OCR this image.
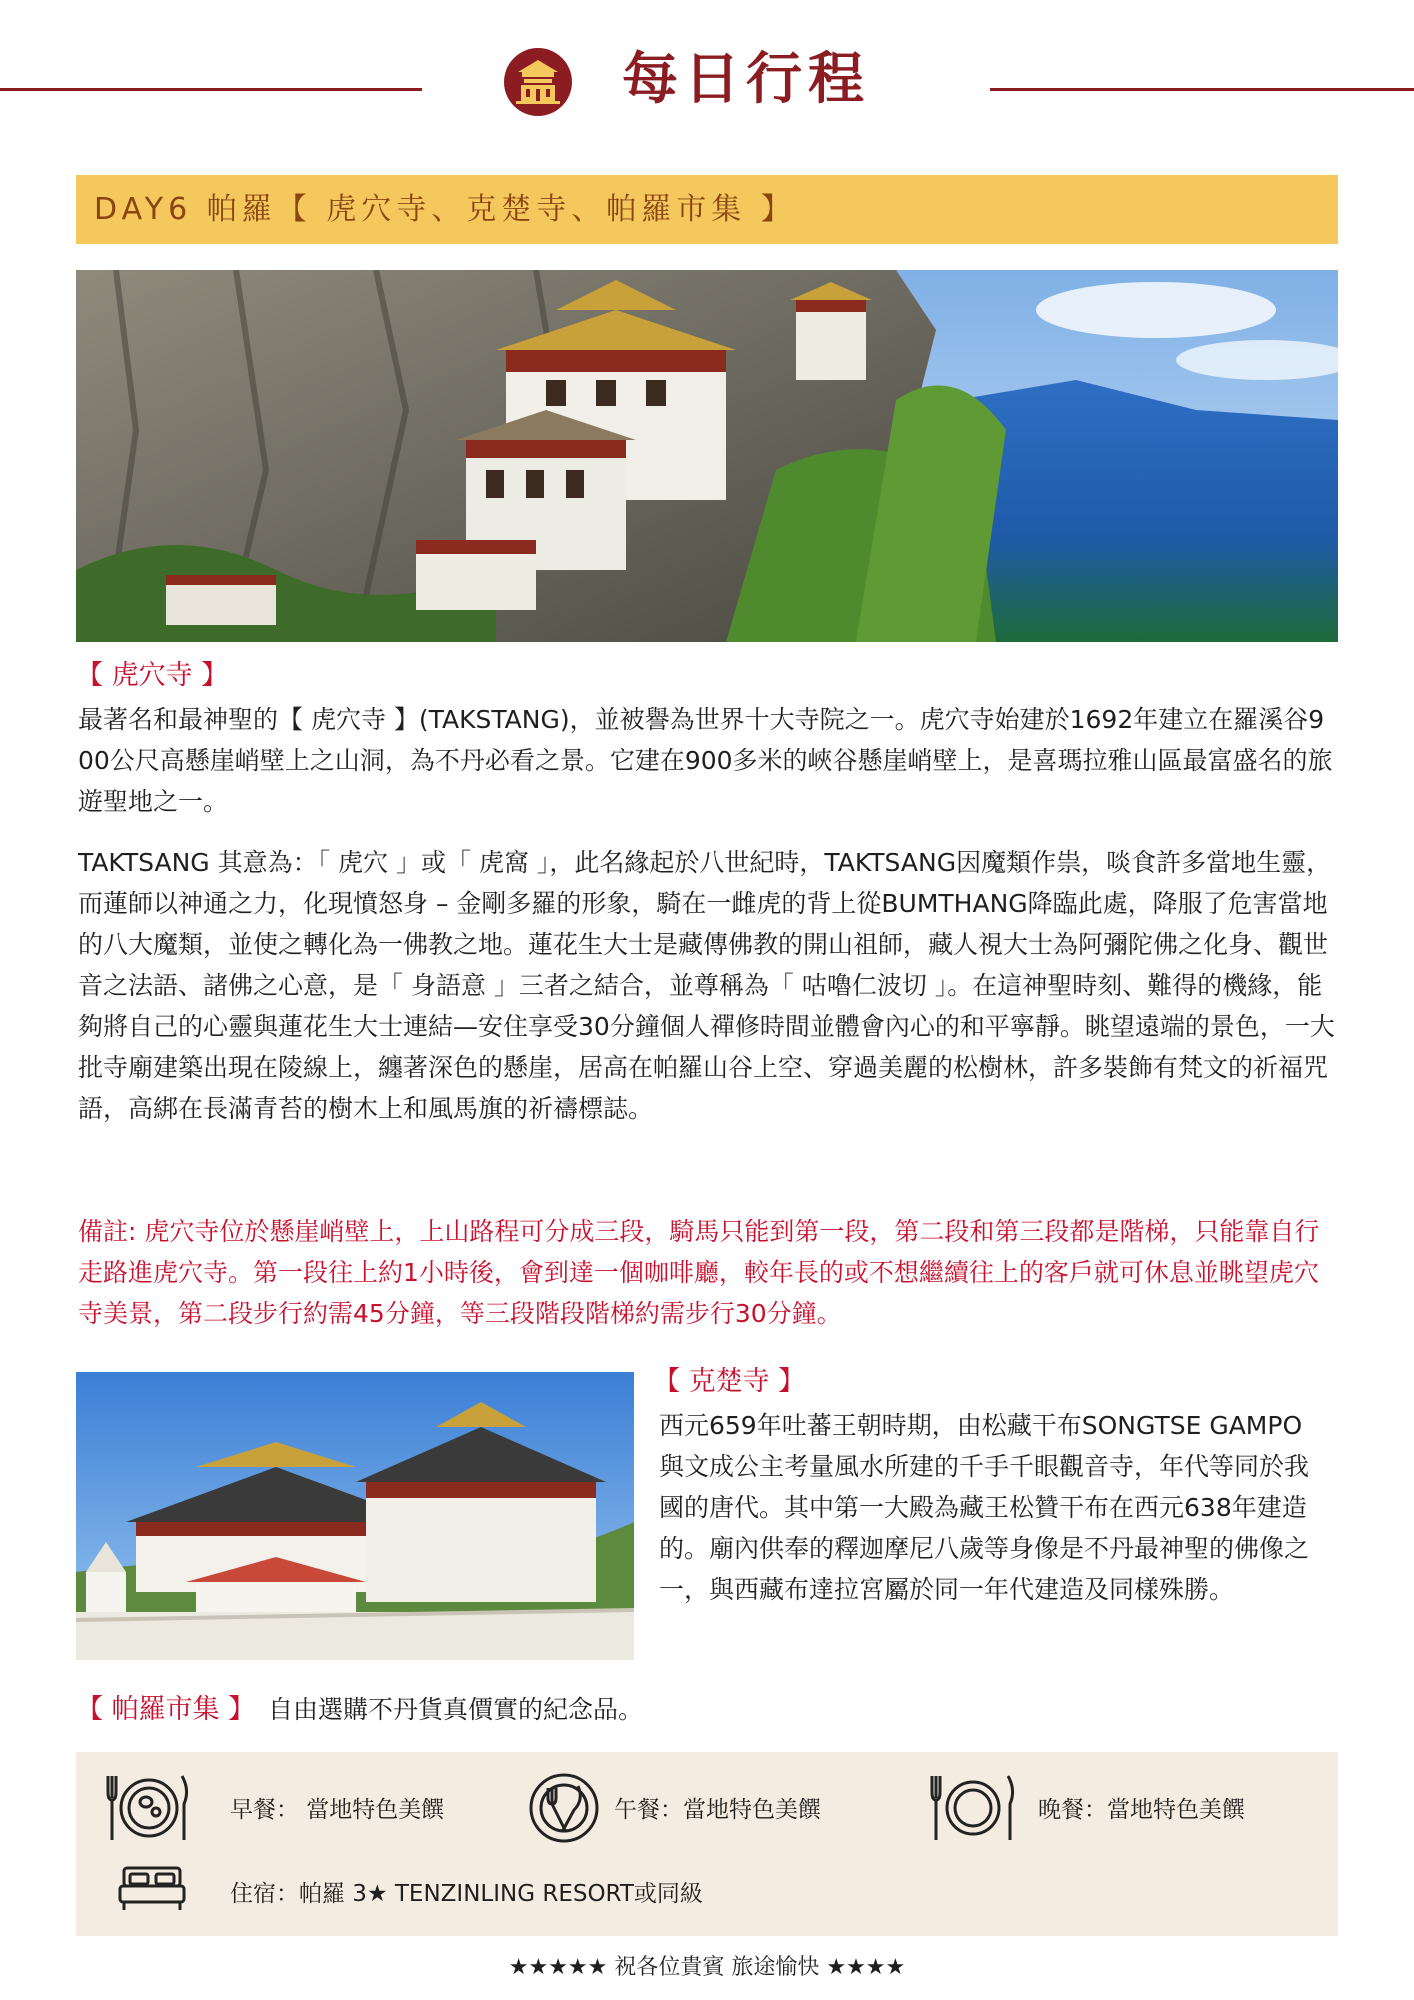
每日行程
DAY6 帕羅【 虎穴寺、克楚寺、帕羅市集 】
【 虎穴寺 】

最著名和最神聖的【 虎穴寺 】(TAKSTANG)，並被譽為世界十大寺院之一。虎穴寺始建於1692年建立在羅溪谷900公尺高懸崖峭壁上之山洞，為不丹必看之景。它建在900多米的峽谷懸崖峭壁上，是喜瑪拉雅山區最富盛名的旅遊聖地之一。

TAKTSANG 其意為：「 虎穴 」或「 虎窩 」，此名緣起於八世紀時，TAKTSANG因魔類作祟，啖食許多當地生靈，而蓮師以神通之力，化現憤怒身 – 金剛多羅的形象，騎在一雌虎的背上從BUMTHANG降臨此處，降服了危害當地的八大魔類，並使之轉化為一佛教之地。蓮花生大士是藏傳佛教的開山祖師，藏人視大士為阿彌陀佛之化身、觀世音之法語、諸佛之心意，是「 身語意 」三者之結合，並尊稱為「 咕嚕仁波切 」。在這神聖時刻、難得的機緣，能夠將自己的心靈與蓮花生大士連結—安住享受30分鐘個人禪修時間並體會內心的和平寧靜。眺望遠端的景色，一大批寺廟建築出現在陵線上，纏著深色的懸崖，居高在帕羅山谷上空、穿過美麗的松樹林，許多裝飾有梵文的祈福咒語，高綁在長滿青苔的樹木上和風馬旗的祈禱標誌。

備註: 虎穴寺位於懸崖峭壁上，上山路程可分成三段，騎馬只能到第一段，第二段和第三段都是階梯，只能靠自行走路進虎穴寺。第一段往上約1小時後，會到達一個咖啡廳，較年長的或不想繼續往上的客戶就可休息並眺望虎穴寺美景，第二段步行約需45分鐘，等三段階段階梯約需步行30分鐘。

【 克楚寺 】

西元659年吐蕃王朝時期，由松藏干布SONGTSE GAMPO與文成公主考量風水所建的千手千眼觀音寺，年代等同於我國的唐代。其中第一大殿為藏王松贊干布在西元638年建造的。廟內供奉的釋迦摩尼八歲等身像是不丹最神聖的佛像之一，與西藏布達拉宮屬於同一年代建造及同樣殊勝。

【 帕羅市集 】 自由選購不丹貨真價實的紀念品。
早餐： 當地特色美饌	午餐：當地特色美饌	晚餐：當地特色美饌
住宿：帕羅 3★ TENZINLING RESORT或同級
★★★★★ 祝各位貴賓 旅途愉快 ★★★★
